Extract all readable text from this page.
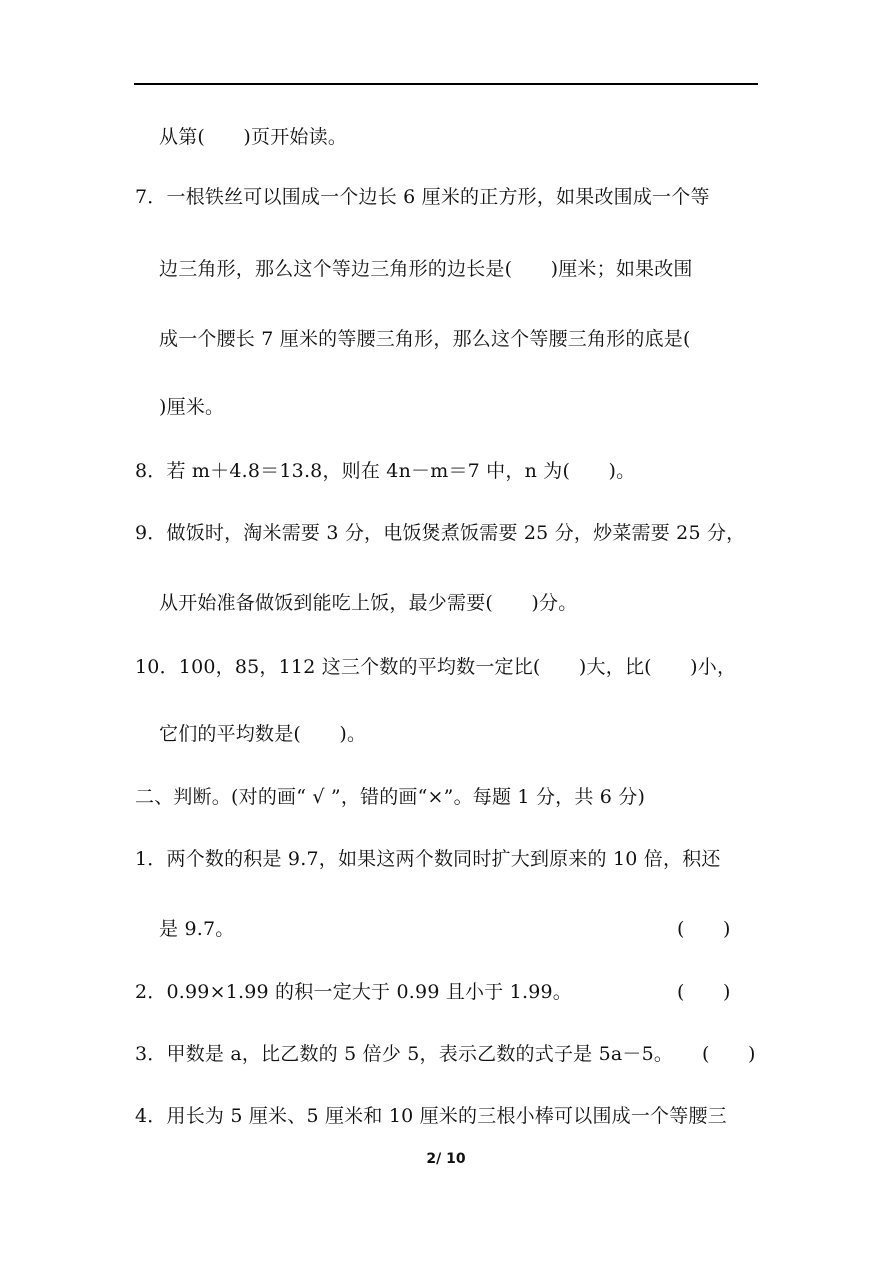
从第(　　)页开始读。
7．一根铁丝可以围成一个边长 6 厘米的正方形，如果改围成一个等
边三角形，那么这个等边三角形的边长是(　　)厘米；如果改围
成一个腰长 7 厘米的等腰三角形，那么这个等腰三角形的底是(
)厘米。
8．若 m＋4.8＝13.8，则在 4n－m＝7 中，n 为(　　)。
9．做饭时，淘米需要 3 分，电饭煲煮饭需要 25 分，炒菜需要 25 分，
从开始准备做饭到能吃上饭，最少需要(　　)分。
10．100，85，112 这三个数的平均数一定比(　　)大，比(　　)小，
它们的平均数是(　　)。
二、判断。(对的画“ √ ”，错的画“×”。每题 1 分，共 6 分)
1．两个数的积是 9.7，如果这两个数同时扩大到原来的 10 倍，积还
是 9.7。	(　　)
2．0.99×1.99 的积一定大于 0.99 且小于 1.99。	(　　)
3．甲数是 a，比乙数的 5 倍少 5，表示乙数的式子是 5a－5。 (　　)
4．用长为 5 厘米、5 厘米和 10 厘米的三根小棒可以围成一个等腰三
2/ 10
